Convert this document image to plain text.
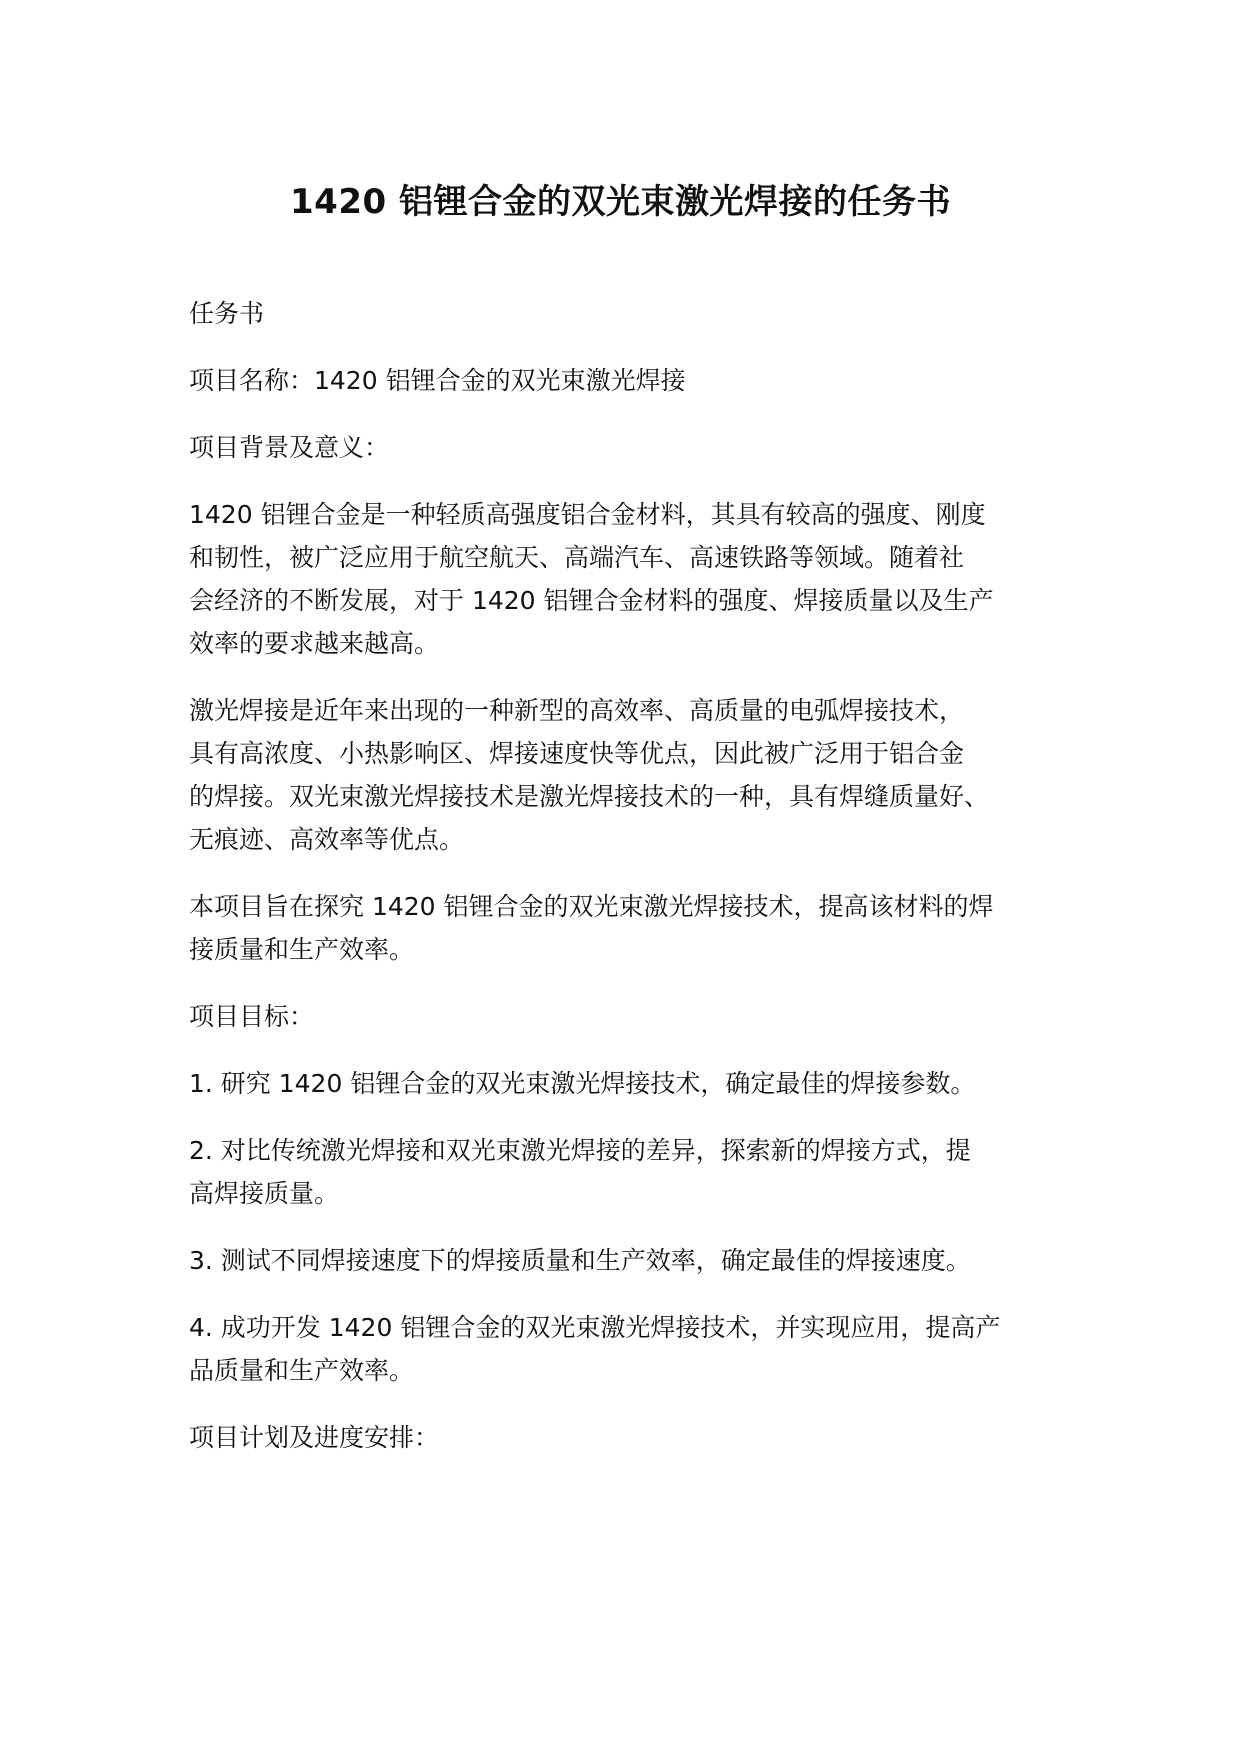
1420 铝锂合金的双光束激光焊接的任务书

任务书

项目名称：1420 铝锂合金的双光束激光焊接

项目背景及意义：

1420 铝锂合金是一种轻质高强度铝合金材料，其具有较高的强度、刚度
和韧性，被广泛应用于航空航天、高端汽车、高速铁路等领域。随着社
会经济的不断发展，对于 1420 铝锂合金材料的强度、焊接质量以及生产
效率的要求越来越高。

激光焊接是近年来出现的一种新型的高效率、高质量的电弧焊接技术，
具有高浓度、小热影响区、焊接速度快等优点，因此被广泛用于铝合金
的焊接。双光束激光焊接技术是激光焊接技术的一种，具有焊缝质量好、
无痕迹、高效率等优点。

本项目旨在探究 1420 铝锂合金的双光束激光焊接技术，提高该材料的焊
接质量和生产效率。

项目目标：

1. 研究 1420 铝锂合金的双光束激光焊接技术，确定最佳的焊接参数。

2. 对比传统激光焊接和双光束激光焊接的差异，探索新的焊接方式，提
高焊接质量。

3. 测试不同焊接速度下的焊接质量和生产效率，确定最佳的焊接速度。

4. 成功开发 1420 铝锂合金的双光束激光焊接技术，并实现应用，提高产
品质量和生产效率。

项目计划及进度安排：
